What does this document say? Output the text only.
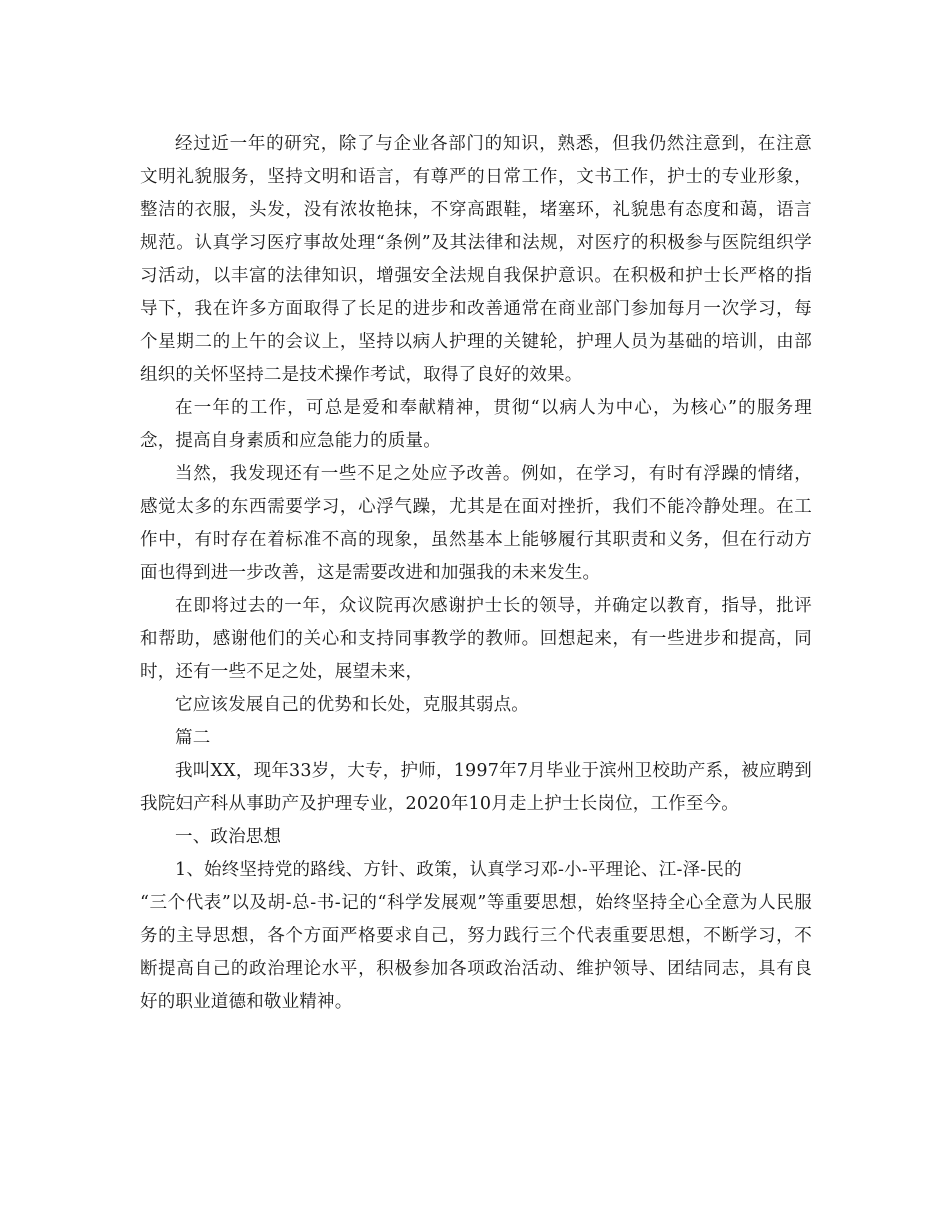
经过近一年的研究，除了与企业各部门的知识，熟悉，但我仍然注意到，在注意文明礼貌服务，坚持文明和语言，有尊严的日常工作，文书工作，护士的专业形象，整洁的衣服，头发，没有浓妆艳抹，不穿高跟鞋，堵塞环，礼貌患有态度和蔼，语言规范。认真学习医疗事故处理“条例”及其法律和法规，对医疗的积极参与医院组织学习活动，以丰富的法律知识，增强安全法规自我保护意识。在积极和护士长严格的指导下，我在许多方面取得了长足的进步和改善通常在商业部门参加每月一次学习，每个星期二的上午的会议上，坚持以病人护理的关键轮，护理人员为基础的培训，由部组织的关怀坚持二是技术操作考试，取得了良好的效果。

在一年的工作，可总是爱和奉献精神，贯彻“以病人为中心，为核心”的服务理念，提高自身素质和应急能力的质量。

当然，我发现还有一些不足之处应予改善。例如，在学习，有时有浮躁的情绪，感觉太多的东西需要学习，心浮气躁，尤其是在面对挫折，我们不能冷静处理。在工作中，有时存在着标准不高的现象，虽然基本上能够履行其职责和义务，但在行动方面也得到进一步改善，这是需要改进和加强我的未来发生。

在即将过去的一年，众议院再次感谢护士长的领导，并确定以教育，指导，批评和帮助，感谢他们的关心和支持同事教学的教师。回想起来，有一些进步和提高，同时，还有一些不足之处，展望未来，

它应该发展自己的优势和长处，克服其弱点。

篇二

我叫XX，现年33岁，大专，护师，1997年7月毕业于滨州卫校助产系，被应聘到我院妇产科从事助产及护理专业，2020年10月走上护士长岗位，工作至今。

一、政治思想

1、始终坚持党的路线、方针、政策，认真学习邓-小-平理论、江-泽-民的

“三个代表”以及胡-总-书-记的“科学发展观”等重要思想，始终坚持全心全意为人民服务的主导思想，各个方面严格要求自己，努力践行三个代表重要思想，不断学习，不断提高自己的政治理论水平，积极参加各项政治活动、维护领导、团结同志，具有良好的职业道德和敬业精神。
